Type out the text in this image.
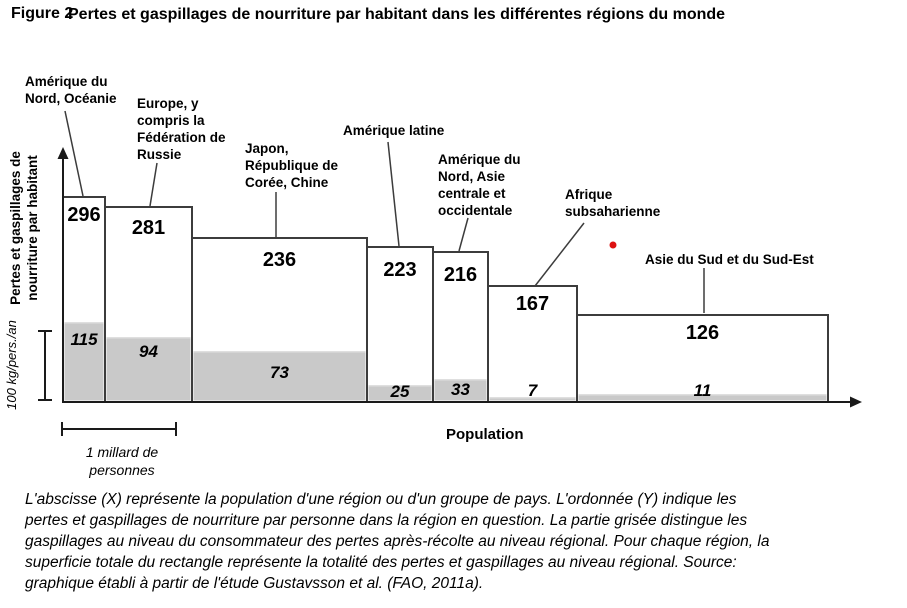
Figure 2
Pertes et gaspillages de nourriture par habitant dans les différentes régions du monde
Pertes et gaspillages de nourriture par habitant
100 kg/pers./an
Population
1 millard de personnes
296
115
Amérique du Nord, Océanie
281
94
Europe, y compris la Fédération de Russie
236
73
Japon, République de Corée, Chine
223
25
Amérique latine
216
33
Amérique du Nord, Asie centrale et occidentale
167
7
Afrique subsaharienne
126
11
Asie du Sud et du Sud-Est
L'abscisse (X) représente la population d'une région ou d'un groupe de pays. L'ordonnée (Y) indique les
pertes et gaspillages de nourriture par personne dans la région en question. La partie grisée distingue les
gaspillages au niveau du consommateur des pertes après-récolte au niveau régional. Pour chaque région, la
superficie totale du rectangle représente la totalité des pertes et gaspillages au niveau régional. Source:
graphique établi à partir de l'étude Gustavsson et al. (FAO, 2011a).
